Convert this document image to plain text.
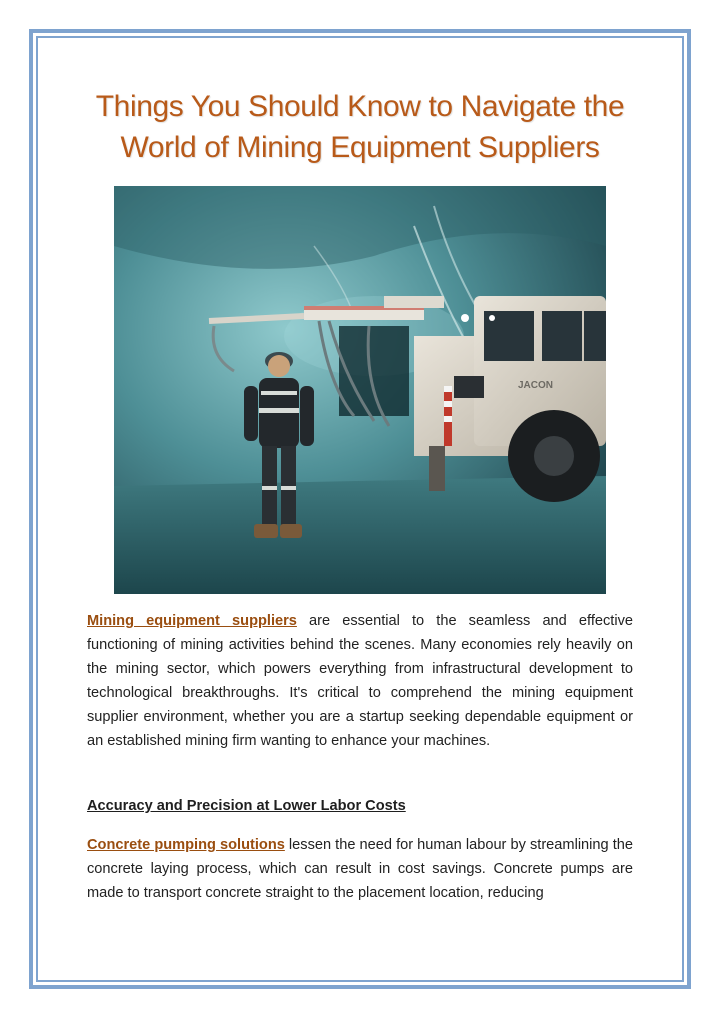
Things You Should Know to Navigate the World of Mining Equipment Suppliers
JACON

Mining equipment suppliers are essential to the seamless and effective functioning of mining activities behind the scenes. Many economies rely heavily on the mining sector, which powers everything from infrastructural development to technological breakthroughs. It's critical to comprehend the mining equipment supplier environment, whether you are a startup seeking dependable equipment or an established mining firm wanting to enhance your machines.

Accuracy and Precision at Lower Labor Costs

Concrete pumping solutions lessen the need for human labour by streamlining the concrete laying process, which can result in cost savings. Concrete pumps are made to transport concrete straight to the placement location, reducing
